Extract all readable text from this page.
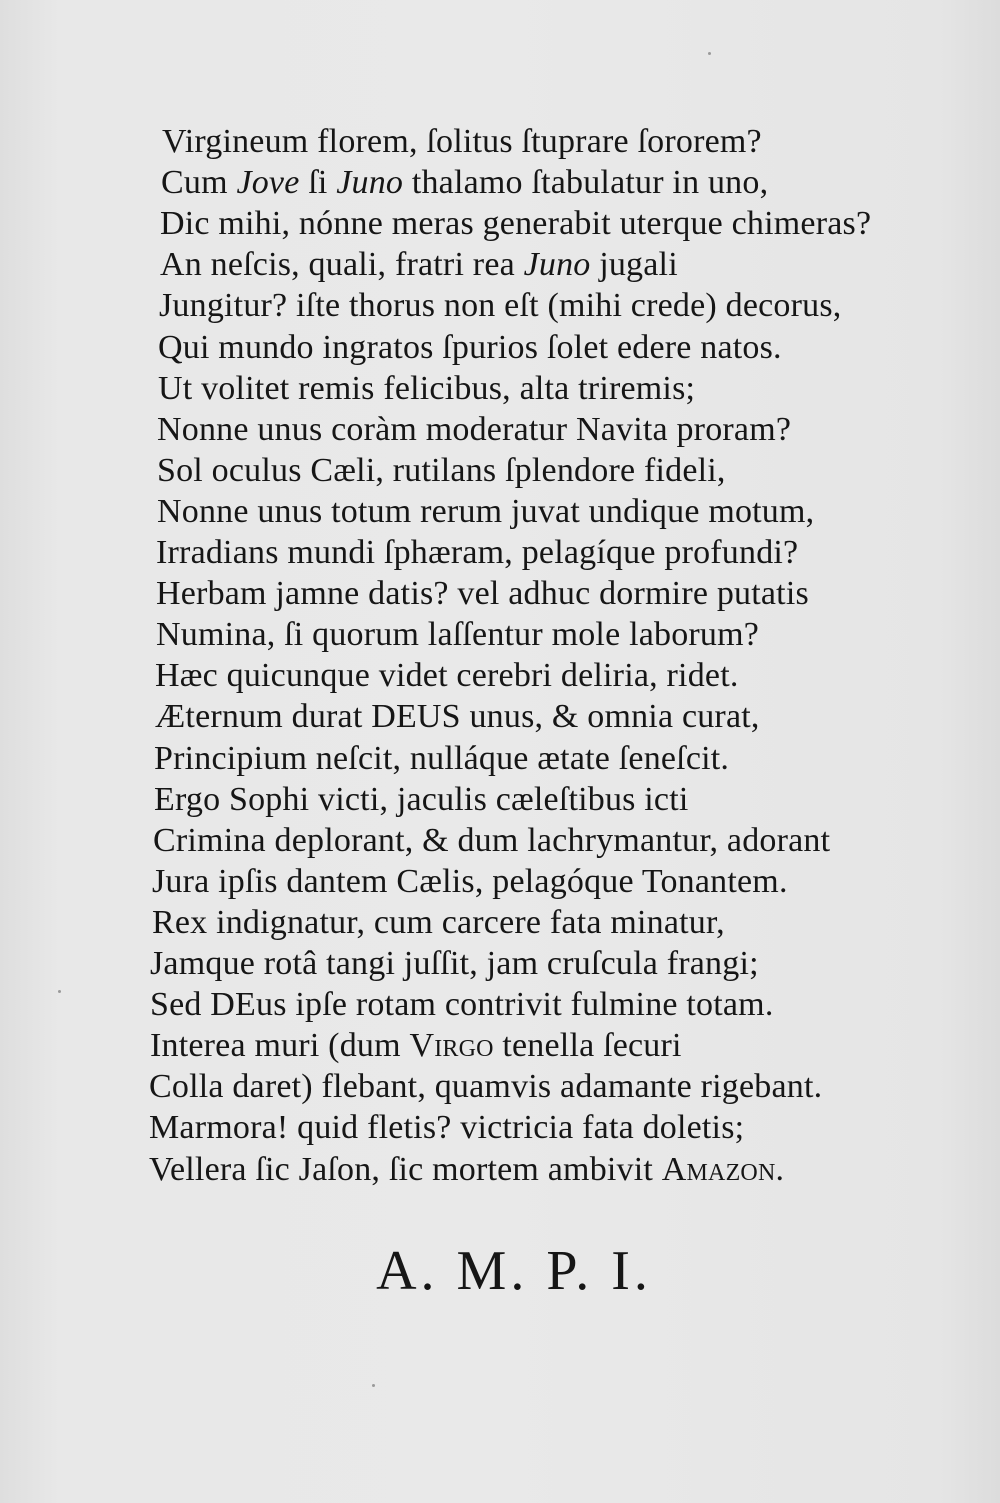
Virgineum florem, ſolitus ſtuprare ſororem?
Cum Jove ſi Juno thalamo ſtabulatur in uno,
Dic mihi, nónne meras generabit uterque chimeras?
An neſcis, quali, fratri rea Juno jugali
Jungitur? iſte thorus non eſt (mihi crede) decorus,
Qui mundo ingratos ſpurios ſolet edere natos.
Ut volitet remis felicibus, alta triremis;
Nonne unus coràm moderatur Navita proram?
Sol oculus Cæli, rutilans ſplendore fideli,
Nonne unus totum rerum juvat undique motum,
Irradians mundi ſphæram, pelagíque profundi?
Herbam jamne datis? vel adhuc dormire putatis
Numina, ſi quorum laſſentur mole laborum?
Hæc quicunque videt cerebri deliria, ridet.
Æternum durat DEUS unus, & omnia curat,
Principium neſcit, nulláque ætate ſeneſcit.
Ergo Sophi victi, jaculis cæleſtibus icti
Crimina deplorant, & dum lachrymantur, adorant
Jura ipſis dantem Cælis, pelagóque Tonantem.
Rex indignatur, cum carcere fata minatur,
Jamque rotâ tangi juſſit, jam cruſcula frangi;
Sed DEus ipſe rotam contrivit fulmine totam.
Interea muri (dum Virgo tenella ſecuri
Colla daret) flebant, quamvis adamante rigebant.
Marmora! quid fletis? victricia fata doletis;
Vellera ſic Jaſon, ſic mortem ambivit Amazon.
A. M. P. I.
